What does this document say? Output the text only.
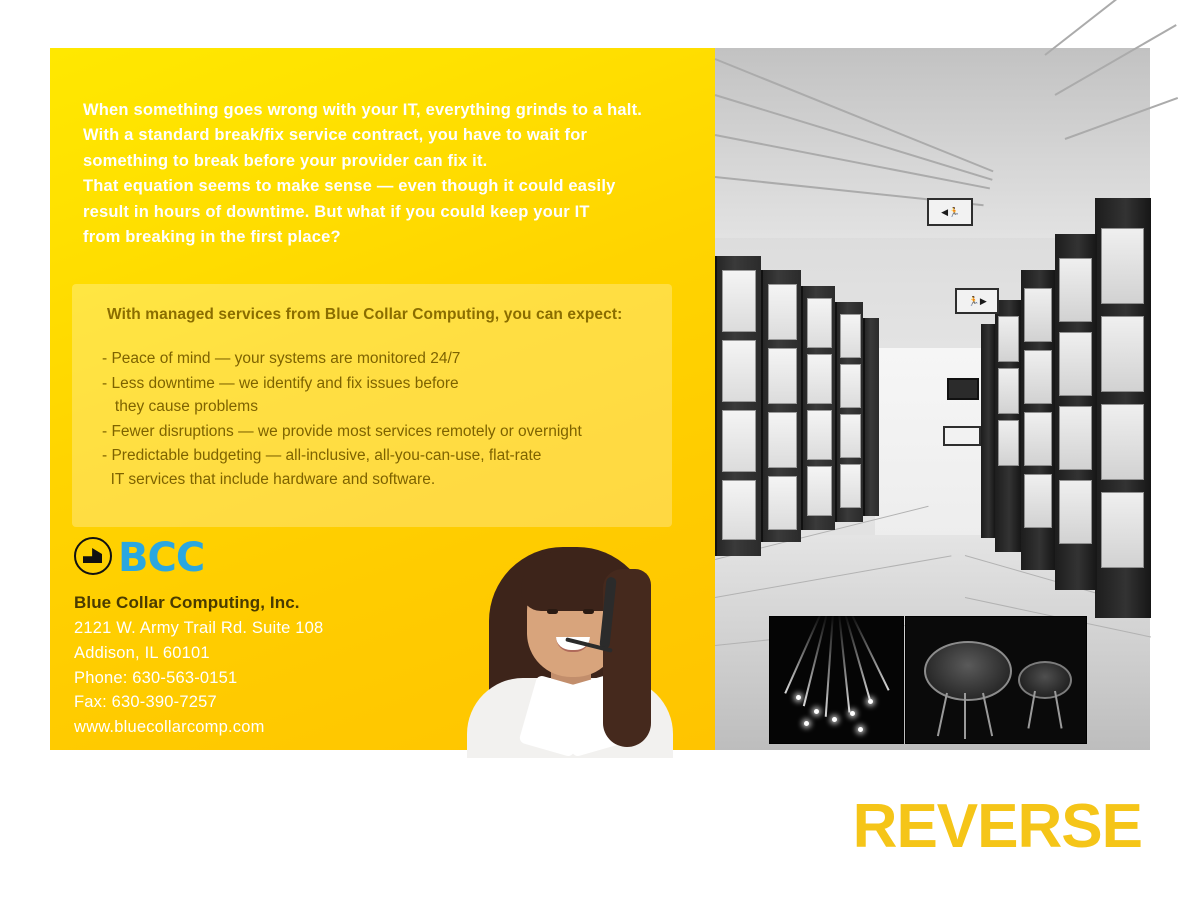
When something goes wrong with your IT, everything grinds to a halt.

With a standard break/fix service contract, you have to wait for

something to break before your provider can fix it.

That equation seems to make sense — even though it could easily

result in hours of downtime. But what if you could keep your IT

from breaking in the first place?

With managed services from Blue Collar Computing, you can expect:
- Peace of mind — your systems are monitored 24/7
- Less downtime — we identify and fix issues before
they cause problems
- Fewer disruptions — we provide most services remotely or overnight
- Predictable budgeting — all-inclusive, all-you-can-use, flat-rate
IT services that include hardware and software.
BCC
Blue Collar Computing, Inc.
2121 W. Army Trail Rd. Suite 108
Addison, IL 60101
Phone: 630-563-0151
Fax: 630-390-7257
www.bluecollarcomp.com
BusinessImages
◀ 🏃
🏃 ▶
REVERSE
